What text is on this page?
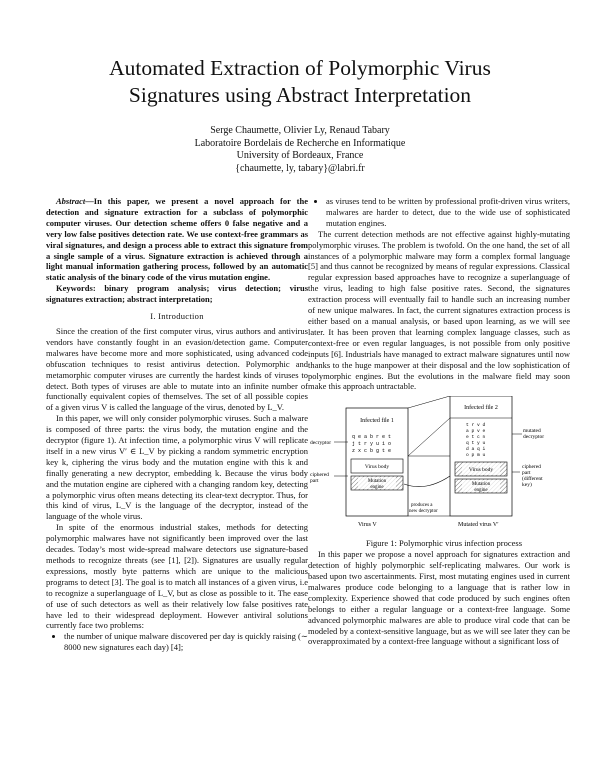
Automated Extraction of Polymorphic Virus
Signatures using Abstract Interpretation
Serge Chaumette, Olivier Ly, Renaud Tabary
Laboratoire Bordelais de Recherche en Informatique
University of Bordeaux, France
{chaumette, ly, tabary}@labri.fr

Abstract—In this paper, we present a novel approach for the detection and signature extraction for a subclass of polymorphic computer viruses. Our detection scheme offers 0 false negative and a very low false positives detection rate. We use context-free grammars as viral signatures, and design a process able to extract this signature from a single sample of a virus. Signature extraction is achieved through a light manual information gathering process, followed by an automatic static analysis of the binary code of the virus mutation engine.

Keywords: binary program analysis; virus detection; virus signatures extraction; abstract interpretation;

I. Introduction

Since the creation of the first computer virus, virus authors and antivirus vendors have constantly fought in an evasion/detection game. Computer malwares have become more and more sophisticated, using advanced code obfuscation techniques to resist antivirus detection. Polymorphic and metamorphic computer viruses are currently the hardest kinds of viruses to detect. Both types of viruses are able to mutate into an infinite number of functionally equivalent copies of themselves. The set of all possible copies of a given virus V is called the language of the virus, denoted by L_V.

In this paper, we will only consider polymorphic viruses. Such a malware is composed of three parts: the virus body, the mutation engine and the decryptor (figure 1). At infection time, a polymorphic virus V will replicate itself in a new virus V′ ∈ L_V by picking a random symmetric encryption key k, ciphering the virus body and the mutation engine with this k and finally generating a new decryptor, embedding k. Because the virus body and the mutation engine are ciphered with a changing random key, detecting a polymorphic virus often means detecting its clear-text decryptor. Thus, for this kind of virus, L_V is the language of the decryptor, instead of the language of the whole virus.

In spite of the enormous industrial stakes, methods for detecting polymorphic malwares have not significantly been improved over the last decades. Today’s most wide-spread malware detectors use signature-based methods to recognize threats (see [1], [2]). Signatures are usually regular expressions, mostly byte patterns which are unique to the malicious programs to detect [3]. The goal is to match all instances of a given virus, i.e to recognize a superlanguage of L_V, but as close as possible to it. The ease of use of such detectors as well as their relatively low false positives rate have led to their widespread deployment. However antiviral solutions currently face two problems:

• the number of unique malware discovered per day is quickly raising (∼ 8000 new signatures each day) [4];
• as viruses tend to be written by professional profit-driven virus writers, malwares are harder to detect, due to the wide use of sophisticated mutation engines.

The current detection methods are not effective against highly-mutating polymorphic viruses. The problem is twofold. On the one hand, the set of all instances of a polymorphic malware may form a complex formal language [5] and thus cannot be recognized by means of regular expressions. Classical regular expression based approaches have to recognize a superlanguage of the virus, leading to high false positive rates. Second, the signatures extraction process will eventually fail to handle such an increasing number of new unique malwares. In fact, the current signatures extraction process is either based on a manual analysis, or based upon learning, as we will see later. It has been proven that learning complex language classes, such as context-free or even regular languages, is not possible from only positive inputs [6]. Industrials have managed to extract malware signatures until now thanks to the huge manpower at their disposal and the low sophistication of polymorphic engines. But the evolutions in the malware field may soon make this approach untractable.

Infected file 1
q e a b r e t
j t r y u i o
z x c b g t e
Virus body
Mutation
engine
decryptor
ciphered
part
Virus V
produces a
new decryptor
Infected file 2
t r v d
a p v e
e t c n
q t y u
d a q i
o p m u
Virus body
Mutation
engine
mutated
decryptor
ciphered
part
(different
key)
Mutated virus V′

Figure 1: Polymorphic virus infection process

In this paper we propose a novel approach for signatures extraction and detection of highly polymorphic self-replicating malwares. Our work is based upon two ascertainments. First, most mutating engines used in current malwares produce code belonging to a language that is rather low in complexity. Experience showed that code produced by such engines often belongs to either a regular language or a context-free language. Some advanced polymorphic malwares are able to produce viral code that can be modeled by a context-sensitive language, but as we will see later they can be overapproximated by a context-free language without a significant loss of
